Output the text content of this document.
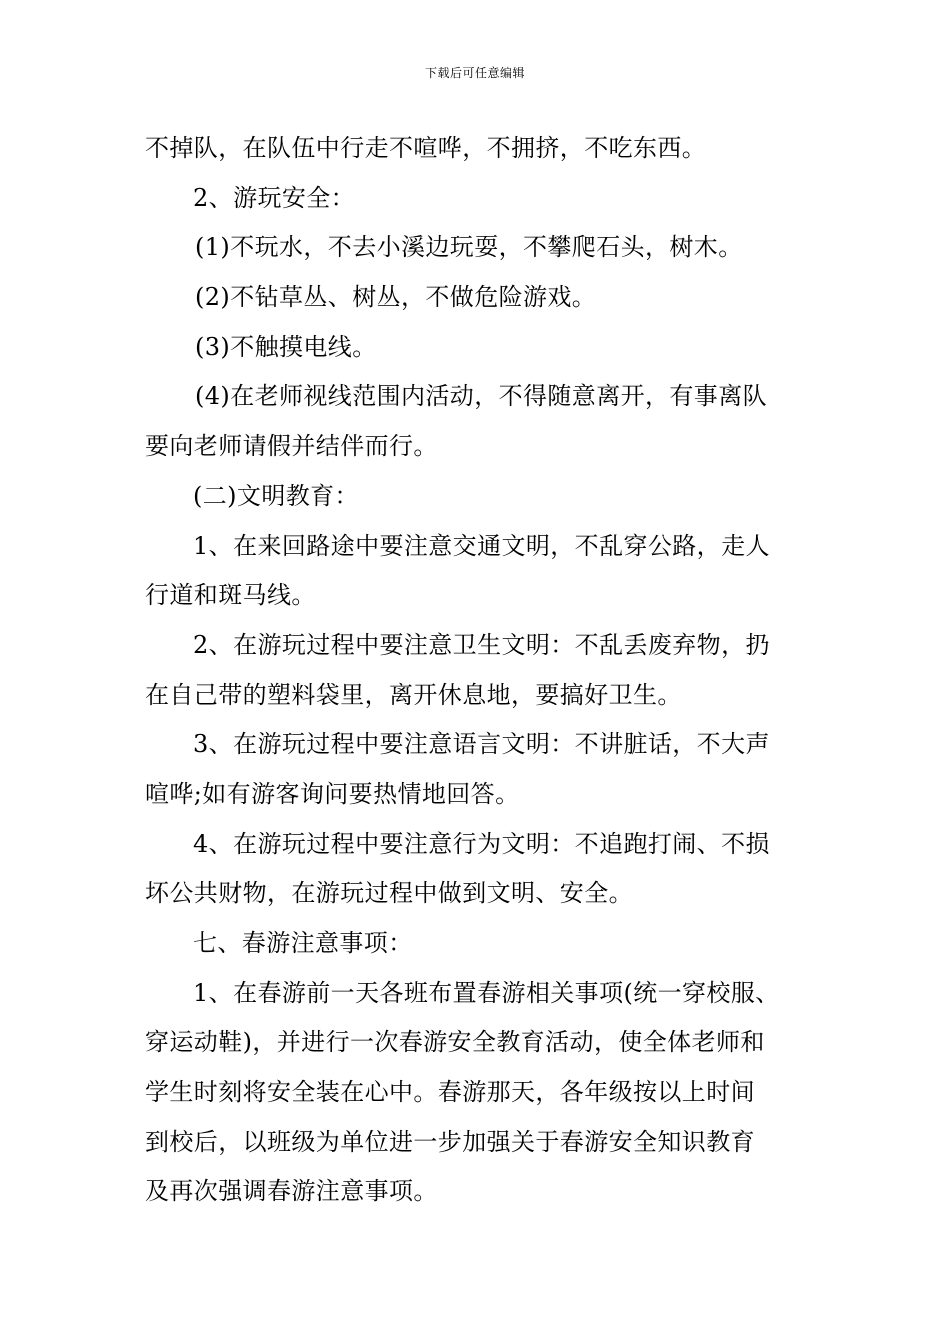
下载后可任意编辑
不掉队，在队伍中行走不喧哗，不拥挤，不吃东西。
2、游玩安全：
(1)不玩水，不去小溪边玩耍，不攀爬石头，树木。
(2)不钻草丛、树丛，不做危险游戏。
(3)不触摸电线。
(4)在老师视线范围内活动，不得随意离开，有事离队
要向老师请假并结伴而行。
(二)文明教育：
1、在来回路途中要注意交通文明，不乱穿公路，走人
行道和斑马线。
2、在游玩过程中要注意卫生文明：不乱丢废弃物，扔
在自己带的塑料袋里，离开休息地，要搞好卫生。
3、在游玩过程中要注意语言文明：不讲脏话，不大声
喧哗;如有游客询问要热情地回答。
4、在游玩过程中要注意行为文明：不追跑打闹、不损
坏公共财物，在游玩过程中做到文明、安全。
七、春游注意事项：
1、在春游前一天各班布置春游相关事项(统一穿校服、
穿运动鞋)，并进行一次春游安全教育活动，使全体老师和
学生时刻将安全装在心中。春游那天，各年级按以上时间
到校后，以班级为单位进一步加强关于春游安全知识教育
及再次强调春游注意事项。
